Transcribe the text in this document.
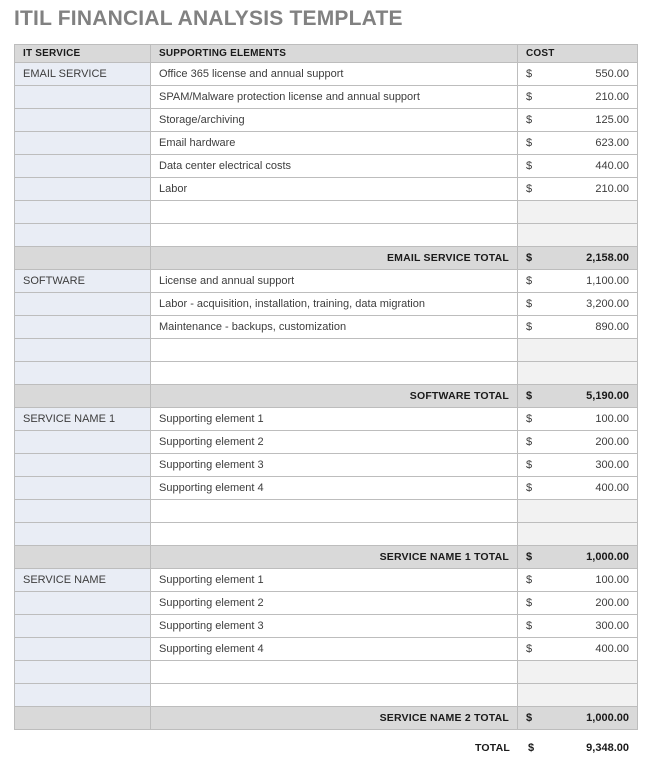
ITIL FINANCIAL ANALYSIS TEMPLATE
IT SERVICE	SUPPORTING ELEMENTS	COST
EMAIL SERVICE	Office 365 license and annual support	$ 550.00

	SPAM/Malware protection license and annual support	$ 210.00

	Storage/archiving	$ 125.00

	Email hardware	$ 623.00

	Data center electrical costs	$ 440.00

	Labor	$ 210.00

	EMAIL SERVICE TOTAL	$ 2,158.00

SOFTWARE	License and annual support	$ 1,100.00

	Labor - acquisition, installation, training, data migration	$ 3,200.00

	Maintenance - backups, customization	$ 890.00

	SOFTWARE TOTAL	$ 5,190.00

SERVICE NAME 1	Supporting element 1	$ 100.00

	Supporting element 2	$ 200.00

	Supporting element 3	$ 300.00

	Supporting element 4	$ 400.00

	SERVICE NAME 1 TOTAL	$ 1,000.00

SERVICE NAME	Supporting element 1	$ 100.00

	Supporting element 2	$ 200.00

	Supporting element 3	$ 300.00

	Supporting element 4	$ 400.00

	SERVICE NAME 2 TOTAL	$ 1,000.00
TOTAL	$	9,348.00
